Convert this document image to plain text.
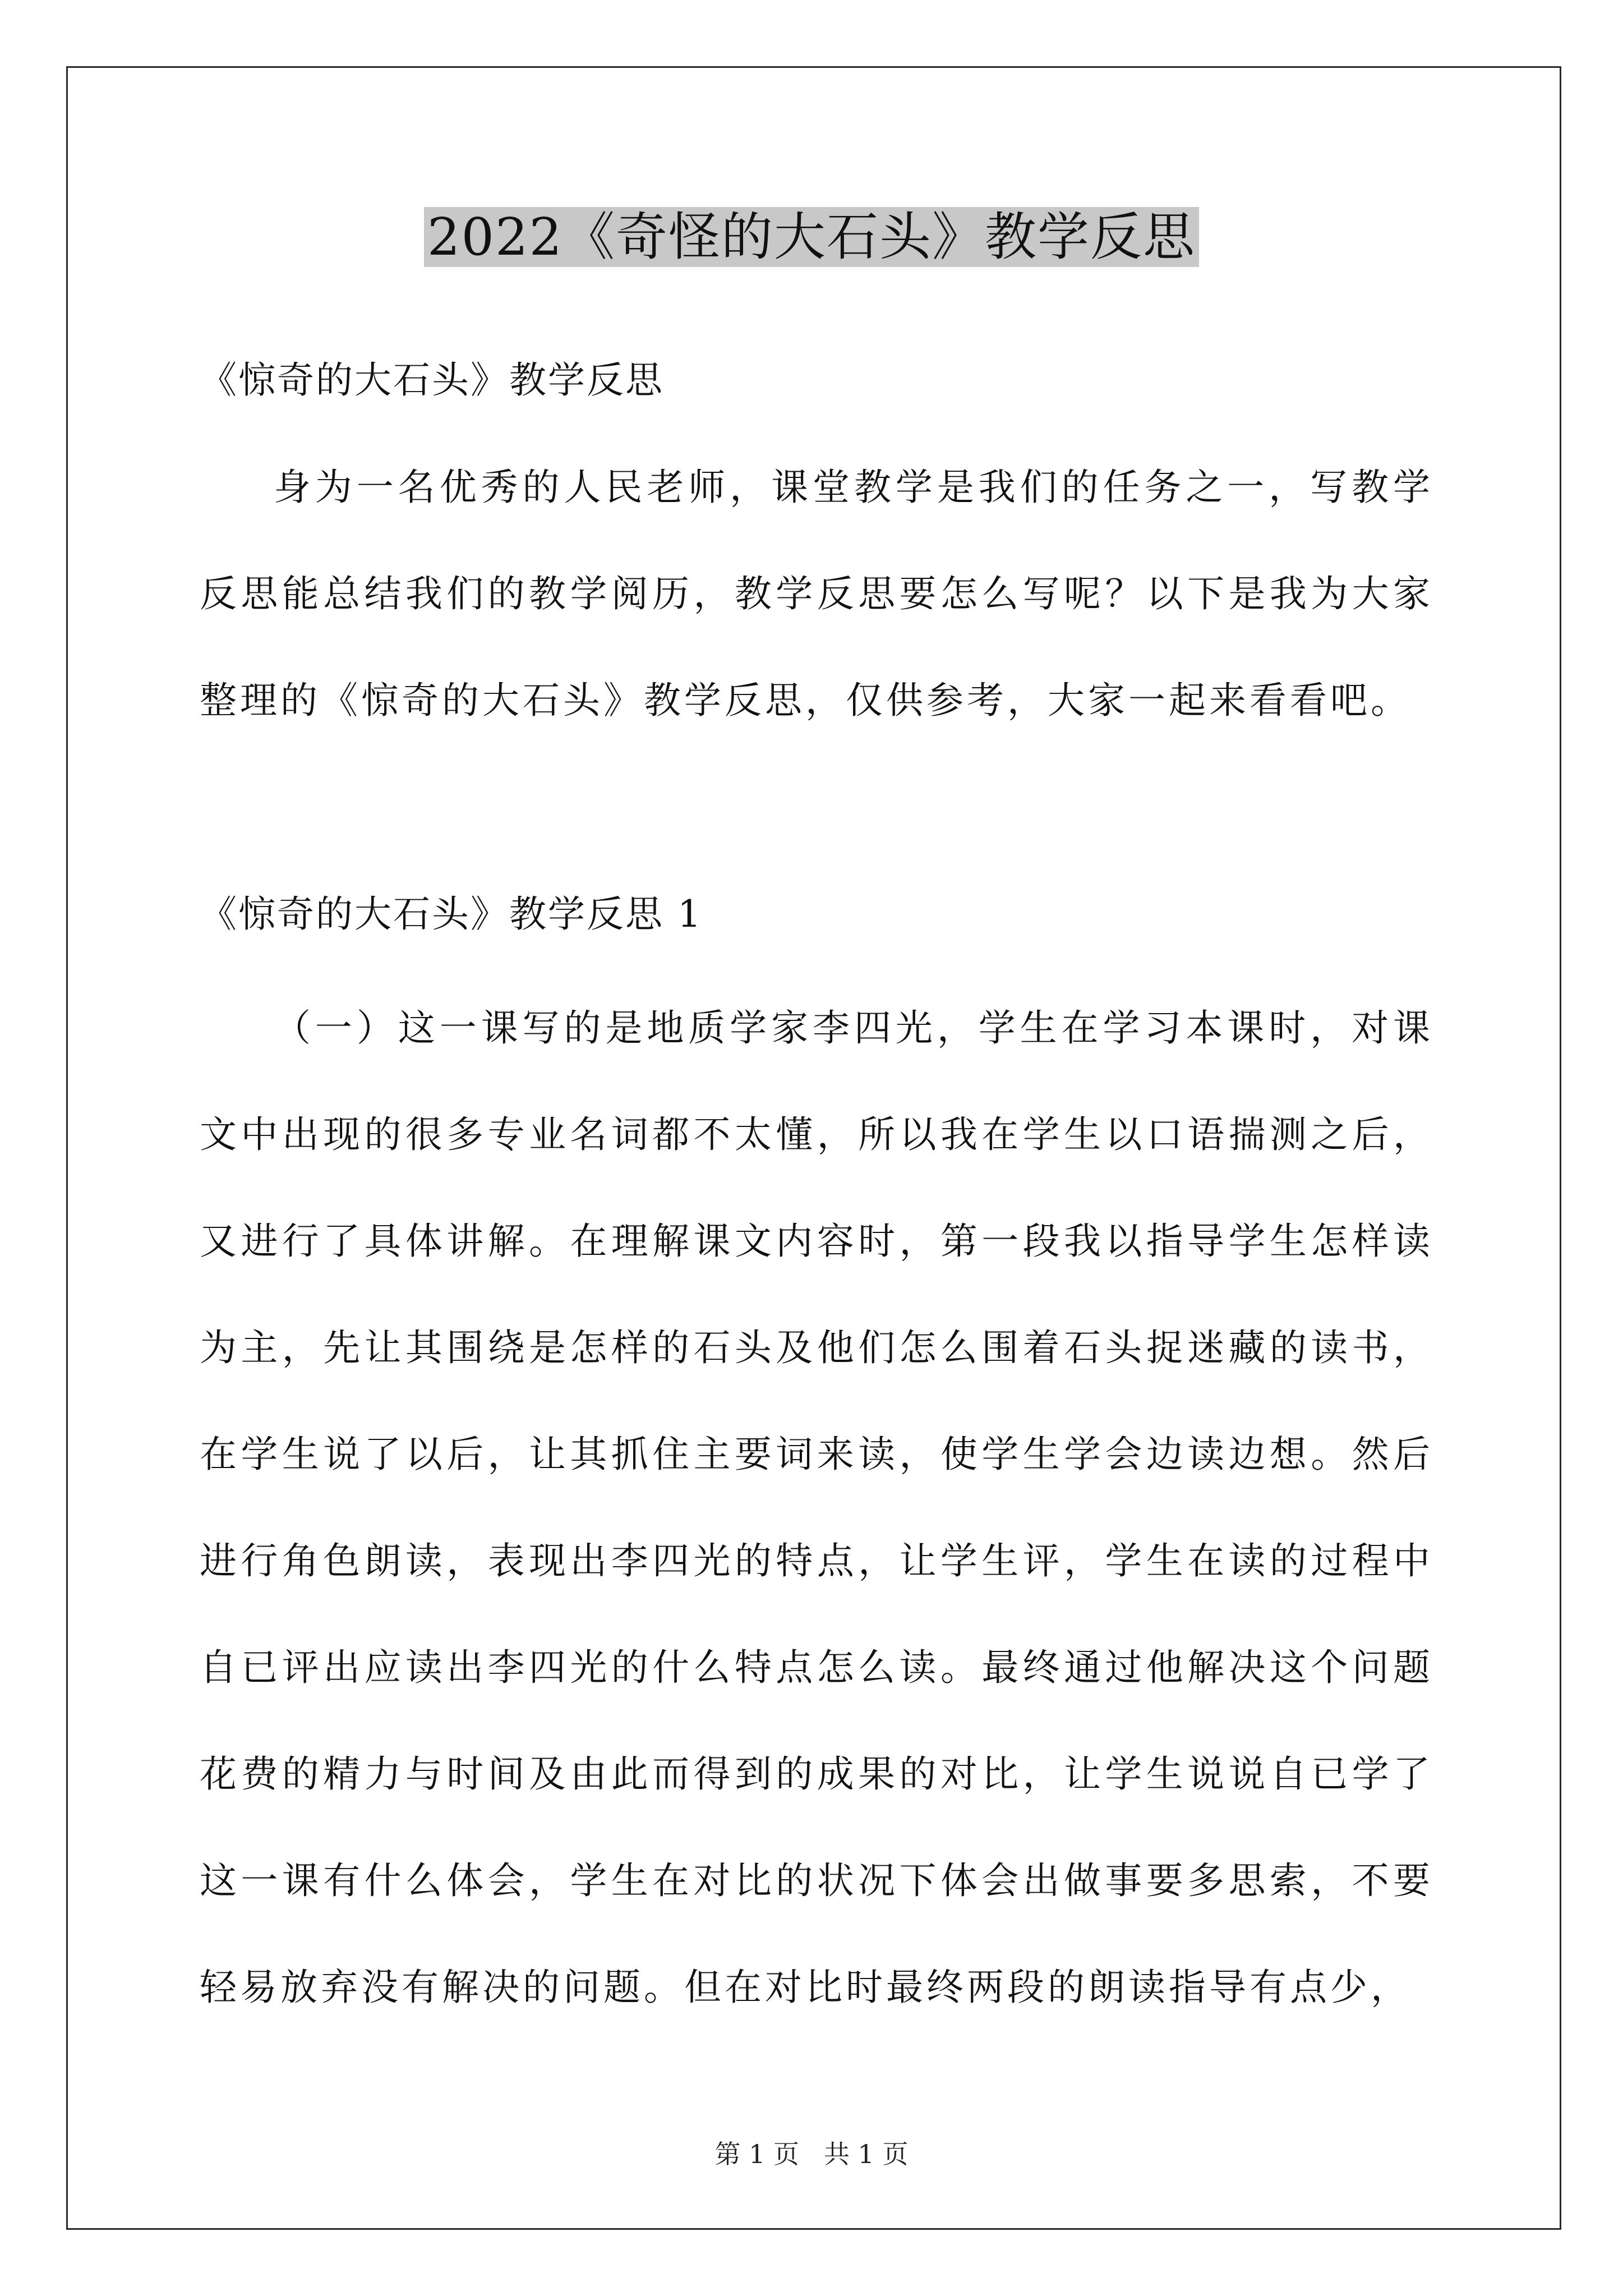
2022《奇怪的大石头》教学反思

《惊奇的大石头》教学反思

身为一名优秀的人民老师，课堂教学是我们的任务之一，写教学反思能总结我们的教学阅历，教学反思要怎么写呢？以下是我为大家整理的《惊奇的大石头》教学反思，仅供参考，大家一起来看看吧。

《惊奇的大石头》教学反思 1

（一）这一课写的是地质学家李四光，学生在学习本课时，对课文中出现的很多专业名词都不太懂，所以我在学生以口语揣测之后，又进行了具体讲解。在理解课文内容时，第一段我以指导学生怎样读为主，先让其围绕是怎样的石头及他们怎么围着石头捉迷藏的读书，在学生说了以后，让其抓住主要词来读，使学生学会边读边想。然后进行角色朗读，表现出李四光的特点，让学生评，学生在读的过程中自已评出应读出李四光的什么特点怎么读。最终通过他解决这个问题花费的精力与时间及由此而得到的成果的对比，让学生说说自已学了这一课有什么体会，学生在对比的状况下体会出做事要多思索，不要轻易放弃没有解决的问题。但在对比时最终两段的朗读指导有点少，

第 1 页 共 1 页
